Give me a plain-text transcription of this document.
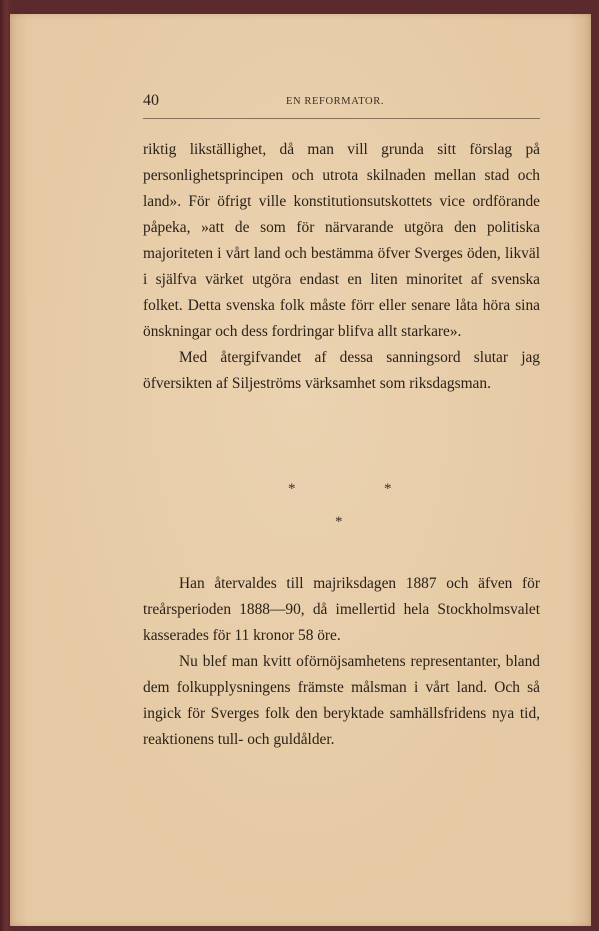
40	EN REFORMATOR.

riktig likställighet, då man vill grunda sitt förslag på personlighetsprincipen och utrota skilnaden mellan stad och land». För öfrigt ville konstitutionsutskottets vice ordförande påpeka, »att de som för närvarande utgöra den politiska majoriteten i vårt land och bestämma öfver Sverges öden, likväl i själfva värket utgöra endast en liten minoritet af svenska folket. Detta svenska folk måste förr eller senare låta höra sina önskningar och dess fordringar blifva allt starkare».

Med återgifvandet af dessa sanningsord slutar jag öfversikten af Siljeströms värksamhet som riksdagsman.

*	*
*

Han återvaldes till majriksdagen 1887 och äfven för treårsperioden 1888—90, då imellertid hela Stockholmsvalet kasserades för 11 kronor 58 öre.

Nu blef man kvitt oförnöjsamhetens representanter, bland dem folkupplysningens främste målsman i vårt land. Och så ingick för Sverges folk den beryktade samhällsfridens nya tid, reaktionens tull- och guldålder.
